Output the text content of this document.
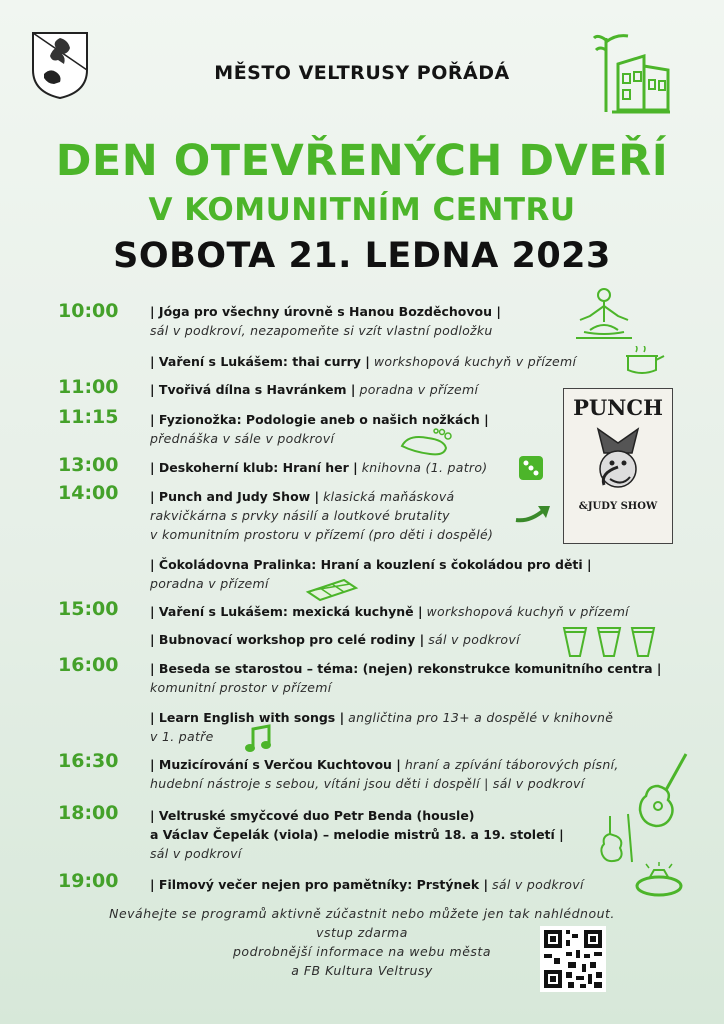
MĚSTO VELTRUSY POŘÁDÁ
DEN OTEVŘENÝCH DVEŘÍ
V KOMUNITNÍM CENTRU
SOBOTA 21. LEDNA 2023
10:00	| Jóga pro všechny úrovně s Hanou Bozděchovou |
sál v podkroví, nezapomeňte si vzít vlastní podložku
| Vaření s Lukášem: thai curry | workshopová kuchyň v přízemí
11:00	| Tvořivá dílna s Havránkem | poradna v přízemí
11:15	| Fyzionožka: Podologie aneb o našich nožkách |
přednáška v sále v podkroví
13:00	| Deskoherní klub: Hraní her | knihovna (1. patro)
14:00	| Punch and Judy Show | klasická maňásková
rakvičkárna s prvky násilí a loutkové brutality
v komunitním prostoru v přízemí (pro děti i dospělé)
| Čokoládovna Pralinka: Hraní a kouzlení s čokoládou pro děti |
poradna v přízemí
15:00	| Vaření s Lukášem: mexická kuchyně | workshopová kuchyň v přízemí
| Bubnovací workshop pro celé rodiny | sál v podkroví
16:00	| Beseda se starostou – téma: (nejen) rekonstrukce komunitního centra |
komunitní prostor v přízemí
| Learn English with songs | angličtina pro 13+ a dospělé v knihovně
v 1. patře
16:30	| Muzicírování s Verčou Kuchtovou | hraní a zpívání táborových písní,
hudební nástroje s sebou, vítáni jsou děti i dospělí | sál v podkroví
18:00	| Veltruské smyčcové duo Petr Benda (housle)
a Václav Čepelák (viola) – melodie mistrů 18. a 19. století |
sál v podkroví
19:00	| Filmový večer nejen pro pamětníky: Prstýnek | sál v podkroví
PUNCH
&JUDY SHOW
Neváhejte se programů aktivně zúčastnit nebo můžete jen tak nahlédnout.
vstup zdarma
podrobnější informace na webu města
a FB Kultura Veltrusy
